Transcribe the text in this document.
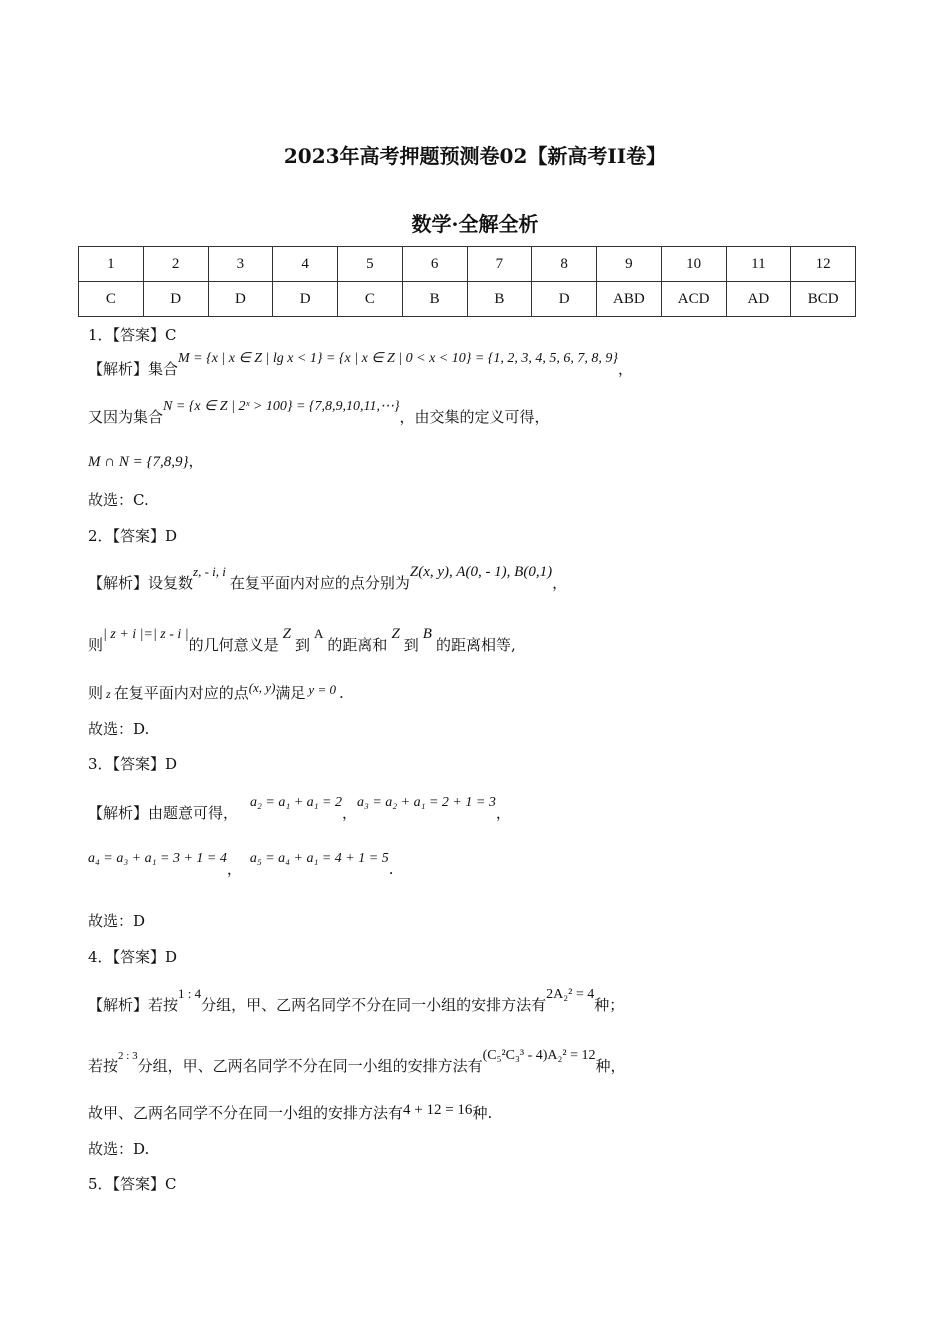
2023年高考押题预测卷02【新高考II卷】
数学·全解全析
1	2	3	4	5	6	7	8	9	10	11	12
C	D	D	D	C	B	B	D	ABD	ACD	AD	BCD
1．【答案】C
【解析】集合M = {x | x ∈ Z | lg x < 1} = {x | x ∈ Z | 0 < x < 10} = {1, 2, 3, 4, 5, 6, 7, 8, 9}，
又因为集合N = {x ∈ Z | 2ˣ > 100} = {7,8,9,10,11,⋯}，由交集的定义可得，
M ∩ N = {7,8,9}，
故选：C.
2．【答案】D
【解析】设复数z, - i, i在复平面内对应的点分别为Z(x, y), A(0, - 1), B(0,1)，
则| z + i |=| z - i |的几何意义是Z到A的距离和Z到B的距离相等,
则 z 在复平面内对应的点(x, y)满足 y = 0 .
故选：D.
3．【答案】D
【解析】由题意可得，a₂ = a₁ + a₁ = 2，a₃ = a₂ + a₁ = 2 + 1 = 3，
a₄ = a₃ + a₁ = 3 + 1 = 4，a₅ = a₄ + a₁ = 4 + 1 = 5.
故选：D
4．【答案】D
【解析】若按1 : 4分组，甲、乙两名同学不分在同一小组的安排方法有2A₂² = 4种；
若按$^{2 : 3}$分组，甲、乙两名同学不分在同一小组的安排方法有(C₅²C₃³ - 4)A₂² = 12种，
故甲、乙两名同学不分在同一小组的安排方法有4 + 12 = 16种.
故选：D.
5．【答案】C
